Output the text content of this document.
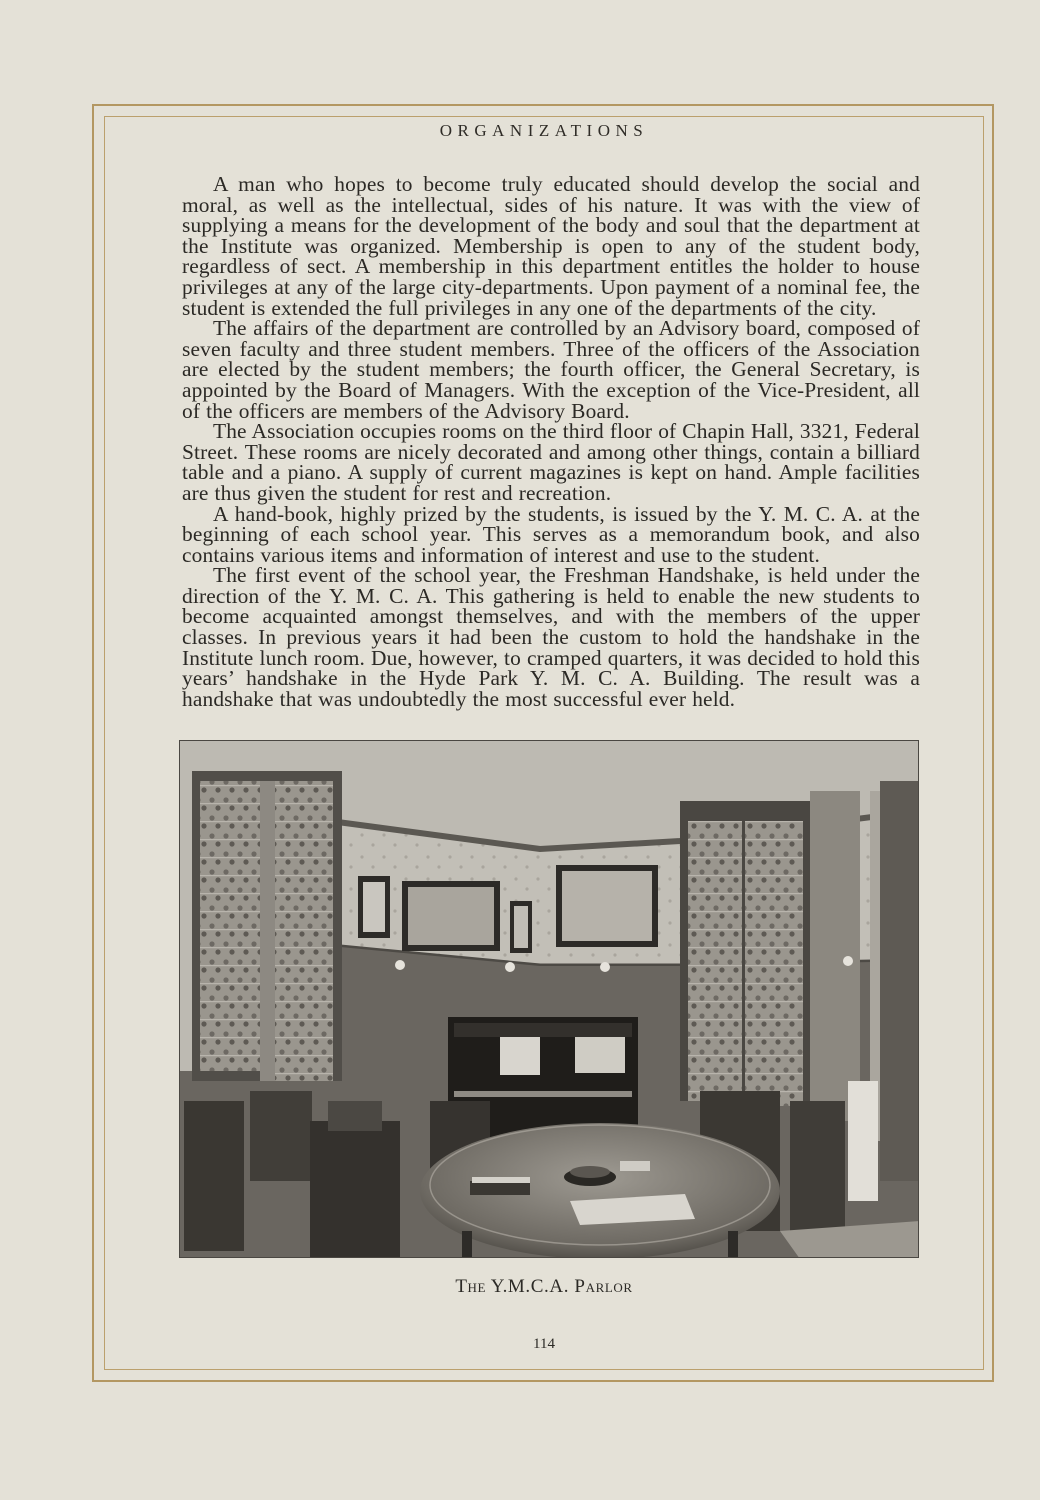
ORGANIZATIONS

A man who hopes to become truly educated should develop the social and moral, as well as the intellectual, sides of his nature. It was with the view of supplying a means for the development of the body and soul that the department at the Institute was organized. Membership is open to any of the student body, regardless of sect. A membership in this department entitles the holder to house privileges at any of the large city-departments. Upon payment of a nominal fee, the student is extended the full privileges in any one of the departments of the city.

The affairs of the department are controlled by an Advisory board, composed of seven faculty and three student members. Three of the officers of the Association are elected by the student members; the fourth officer, the General Secretary, is appointed by the Board of Managers. With the exception of the Vice-President, all of the officers are members of the Advisory Board.

The Association occupies rooms on the third floor of Chapin Hall, 3321, Federal Street. These rooms are nicely decorated and among other things, contain a billiard table and a piano. A supply of current magazines is kept on hand. Ample facilities are thus given the student for rest and recreation.

A hand-book, highly prized by the students, is issued by the Y. M. C. A. at the beginning of each school year. This serves as a memorandum book, and also contains various items and information of interest and use to the student.

The first event of the school year, the Freshman Handshake, is held under the direction of the Y. M. C. A. This gathering is held to enable the new students to become acquainted amongst themselves, and with the members of the upper classes. In previous years it had been the custom to hold the handshake in the Institute lunch room. Due, however, to cramped quarters, it was decided to hold this years’ handshake in the Hyde Park Y. M. C. A. Building. The result was a handshake that was undoubtedly the most successful ever held.

The Y.M.C.A. Parlor
114
